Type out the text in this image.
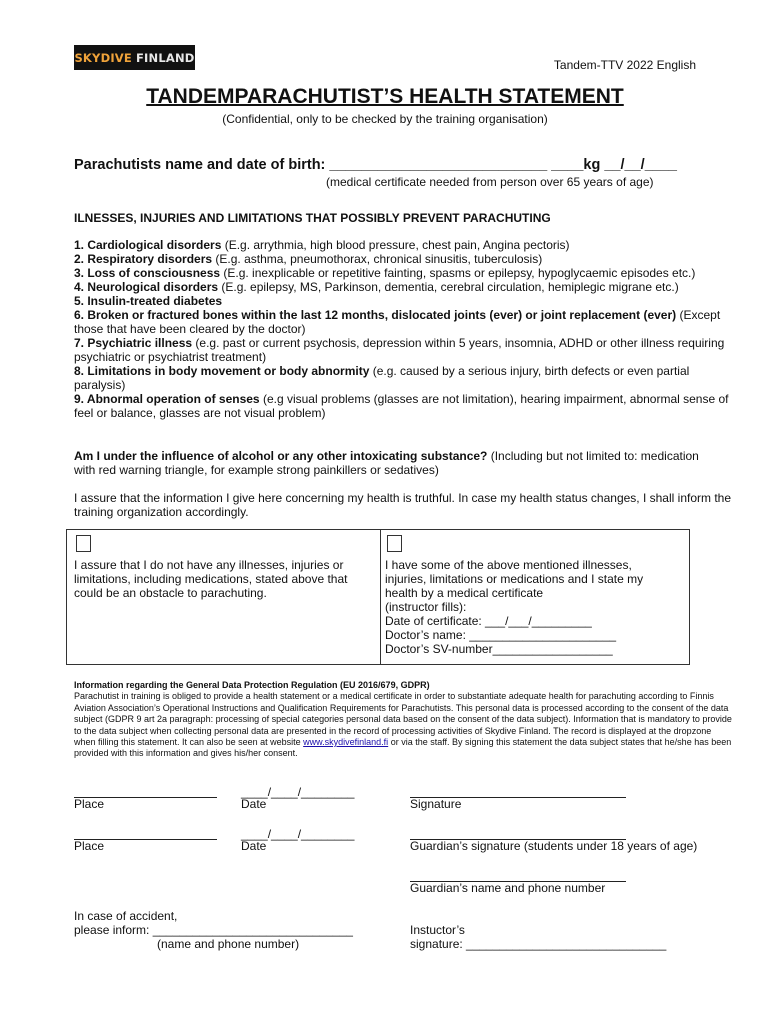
SKYDIVE FINLAND
Tandem-TTV 2022 English
TANDEMPARACHUTIST’S HEALTH STATEMENT
(Confidential, only to be checked by the training organisation)
Parachutists name and date of birth: ___________________________ ____kg __/__/____
(medical certificate needed from person over 65 years of age)
ILNESSES, INJURIES AND LIMITATIONS THAT POSSIBLY PREVENT PARACHUTING

1. Cardiological disorders (E.g. arrythmia, high blood pressure, chest pain, Angina pectoris)

2. Respiratory disorders (E.g. asthma, pneumothorax, chronical sinusitis, tuberculosis)

3. Loss of consciousness (E.g. inexplicable or repetitive fainting, spasms or epilepsy, hypoglycaemic episodes etc.)

4. Neurological disorders (E.g. epilepsy, MS, Parkinson, dementia, cerebral circulation, hemiplegic migrane etc.)

5. Insulin-treated diabetes

6. Broken or fractured bones within the last 12 months, dislocated joints (ever) or joint replacement (ever) (Except those that have been cleared by the doctor)

7. Psychiatric illness (e.g. past or current psychosis, depression within 5 years, insomnia, ADHD or other illness requiring psychiatric or psychiatrist treatment)

8. Limitations in body movement or body abnormity (e.g. caused by a serious injury, birth defects or even partial paralysis)

9. Abnormal operation of senses (e.g visual problems (glasses are not limitation), hearing impairment, abnormal sense of feel or balance, glasses are not visual problem)

Am I under the influence of alcohol or any other intoxicating substance? (Including but not limited to: medication with red warning triangle, for example strong painkillers or sedatives)
I assure that the information I give here concerning my health is truthful. In case my health status changes, I shall inform the training organization accordingly.
I assure that I do not have any illnesses, injuries or limitations, including medications, stated above that could be an obstacle to parachuting.
I have some of the above mentioned illnesses,
injuries, limitations or medications and I state my
health by a medical certificate
(instructor fills):
Date of certificate: ___/___/_________
Doctor’s name: ______________________
Doctor’s SV-number__________________
Information regarding the General Data Protection Regulation (EU 2016/679, GDPR)
Parachutist in training is obliged to provide a health statement or a medical certificate in order to substantiate adequate health for parachuting according to Finnis Aviation Association’s Operational Instructions and Qualification Requirements for Parachutists. This personal data is processed according to the consent of the data subject (GDPR 9 art 2a paragraph: processing of special categories personal data based on the consent of the data subject). Information that is mandatory to provide to the data subject when collecting personal data are presented in the record of processing activities of Skydive Finland. The record is displayed at the dropzone when filling this statement. It can also be seen at website www.skydivefinland.fi or via the staff. By signing this statement the data subject states that he/she has been provided with this information and gives his/her consent.
Place
____/____/________
Date	Signature
Place
____/____/________
Date	Guardian’s signature (students under 18 years of age)
Guardian’s name and phone number
In case of accident,
please inform: ______________________________
(name and phone number)
Instuctor’s
signature: ______________________________
